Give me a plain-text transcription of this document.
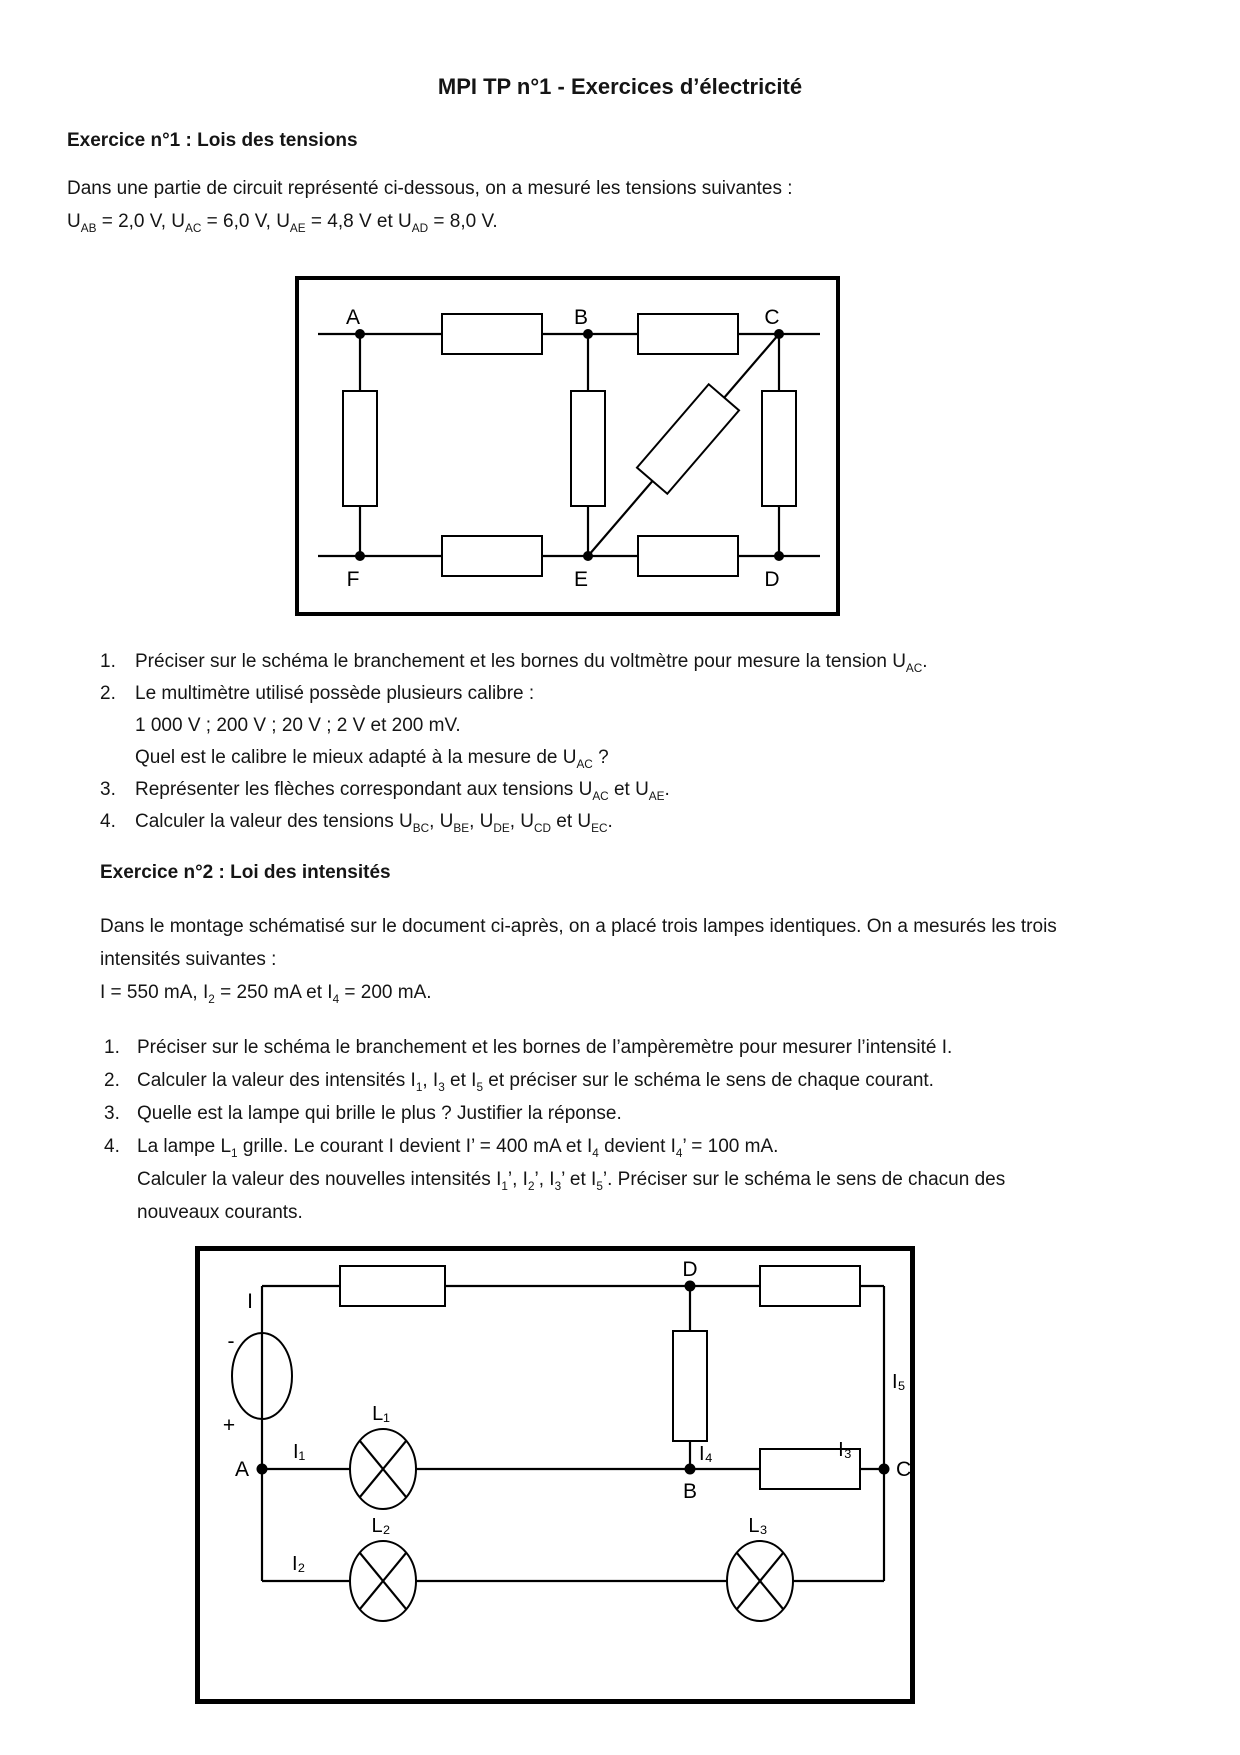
MPI TP n°1 - Exercices d’électricité
Exercice n°1 : Lois des tensions
Dans une partie de circuit représenté ci-dessous, on a mesuré les tensions suivantes :
$U_{AB} = 2,0$ V, $U_{AC} = 6,0$ V, $U_{AE} = 4,8$ V et $U_{AD} = 8,0$ V.
A	B	C
F	E	D
1.	Préciser sur le schéma le branchement et les bornes du voltmètre pour mesure la tension $U_{AC}$.
2.	Le multimètre utilisé possède plusieurs calibre :
1 000 V ; 200 V ; 20 V ; 2 V et 200 mV.
Quel est le calibre le mieux adapté à la mesure de $U_{AC}$ ?
3.	Représenter les flèches correspondant aux tensions $U_{AC}$ et $U_{AE}$.
4.	Calculer la valeur des tensions $U_{BC}$, $U_{BE}$, $U_{DE}$, $U_{CD}$ et $U_{EC}$.
Exercice n°2 : Loi des intensités
Dans le montage schématisé sur le document ci-après, on a placé trois lampes identiques. On a mesurés les trois
intensités suivantes :
I = 550 mA, $I_2 = 250$ mA et $I_4 = 200$ mA.
1. Préciser sur le schéma le branchement et les bornes de l’ampèremètre pour mesurer l’intensité I.
2. Calculer la valeur des intensités $I_1$, $I_3$ et $I_5$ et préciser sur le schéma le sens de chaque courant.
3. Quelle est la lampe qui brille le plus ? Justifier la réponse.
4. La lampe $L_1$ grille. Le courant I devient I’ = 400 mA et $I_4$ devient $I_4$’ = 100 mA.
Calculer la valeur des nouvelles intensités $I_1$’, $I_2$’, $I_3$’ et $I_5$’. Préciser sur le schéma le sens de chacun des
nouveaux courants.
I
-
+
A
I₁
L₁
D
I₄
B
I₃
C
I₅
I₂
L₂	L₃
